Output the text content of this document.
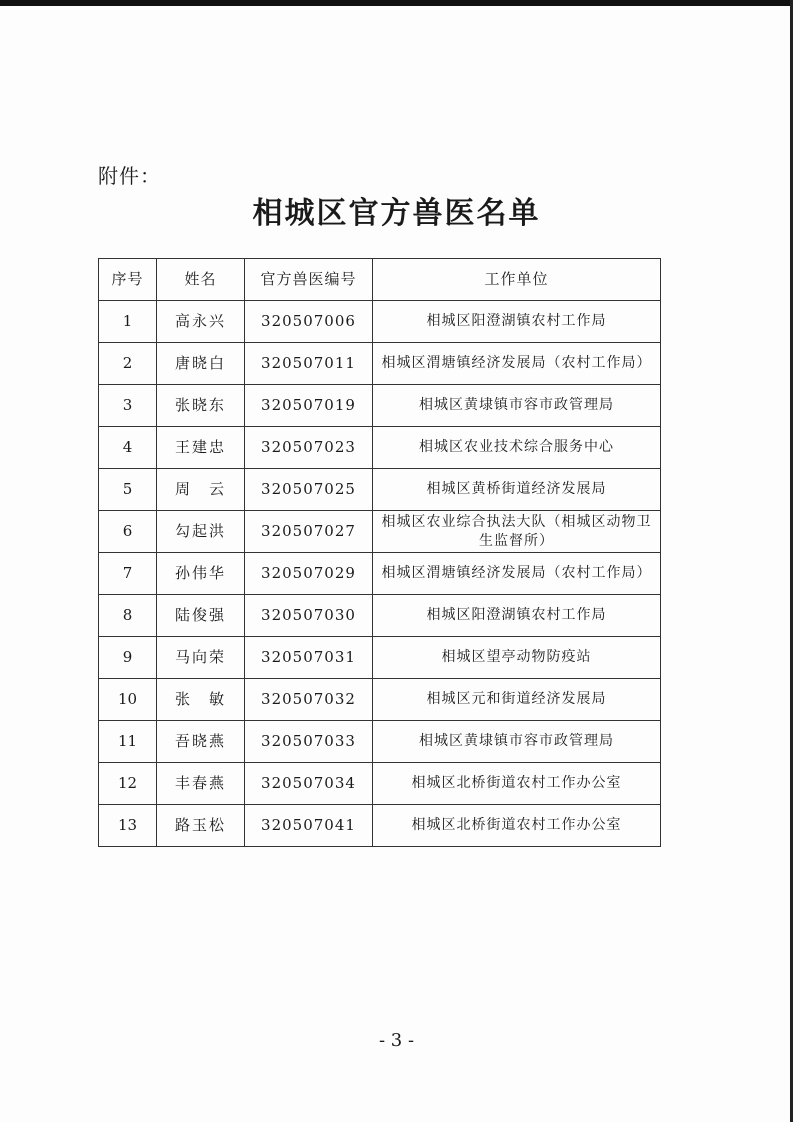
附件：
相城区官方兽医名单
序号	姓名	官方兽医编号	工作单位
1	高永兴	320507006	相城区阳澄湖镇农村工作局
2	唐晓白	320507011	相城区渭塘镇经济发展局（农村工作局）
3	张晓东	320507019	相城区黄埭镇市容市政管理局
4	王建忠	320507023	相城区农业技术综合服务中心
5	周　云	320507025	相城区黄桥街道经济发展局
6	勾起洪	320507027	相城区农业综合执法大队（相城区动物卫生监督所）
7	孙伟华	320507029	相城区渭塘镇经济发展局（农村工作局）
8	陆俊强	320507030	相城区阳澄湖镇农村工作局
9	马向荣	320507031	相城区望亭动物防疫站
10	张　敏	320507032	相城区元和街道经济发展局
11	吾晓燕	320507033	相城区黄埭镇市容市政管理局
12	丰春燕	320507034	相城区北桥街道农村工作办公室
13	路玉松	320507041	相城区北桥街道农村工作办公室
- 3 -
